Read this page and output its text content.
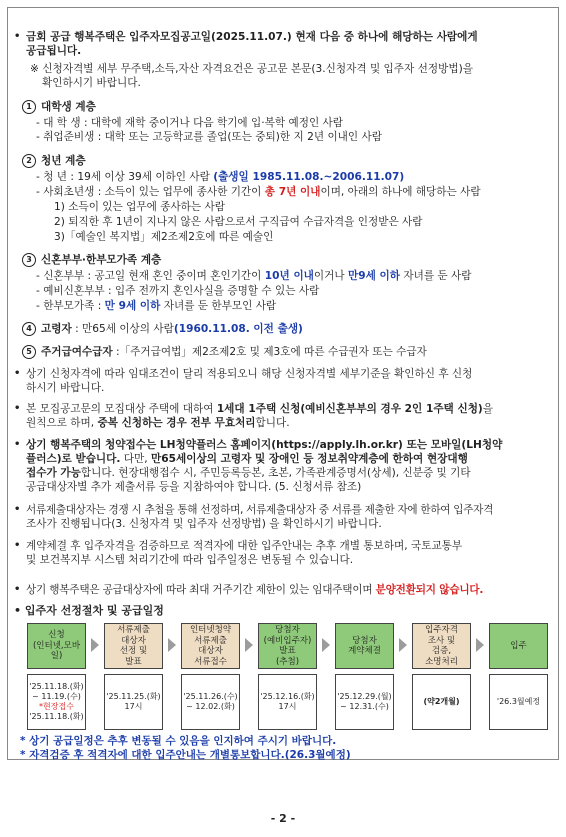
• 금회 공급 행복주택은 입주자모집공고일(2025.11.07.) 현재 다음 중 하나에 해당하는 사람에게
공급됩니다.
※ 신청자격별 세부 무주택,소득,자산 자격요건은 공고문 본문(3.신청자격 및 입주자 선정방법)을
확인하시기 바랍니다.
1 대학생 계층
- 대 학 생 : 대학에 재학 중이거나 다음 학기에 입·복학 예정인 사람
- 취업준비생 : 대학 또는 고등학교를 졸업(또는 중퇴)한 지 2년 이내인 사람
2 청년 계층
- 청 년 : 19세 이상 39세 이하인 사람 (출생일 1985.11.08.~2006.11.07)
- 사회초년생 : 소득이 있는 업무에 종사한 기간이 총 7년 이내이며, 아래의 하나에 해당하는 사람
1) 소득이 있는 업무에 종사하는 사람
2) 퇴직한 후 1년이 지나지 않은 사람으로서 구직급여 수급자격을 인정받은 사람
3)「예술인 복지법」제2조제2호에 따른 예술인
3 신혼부부·한부모가족 계층
- 신혼부부 : 공고일 현재 혼인 중이며 혼인기간이 10년 이내이거나 만9세 이하 자녀를 둔 사람
- 예비신혼부부 : 입주 전까지 혼인사실을 증명할 수 있는 사람
- 한부모가족 : 만 9세 이하 자녀를 둔 한부모인 사람
4 고령자 : 만65세 이상의 사람(1960.11.08. 이전 출생)
5 주거급여수급자 :「주거급여법」제2조제2호 및 제3호에 따른 수급권자 또는 수급자
• 상기 신청자격에 따라 임대조건이 달리 적용되오니 해당 신청자격별 세부기준을 확인하신 후 신청
하시기 바랍니다.
• 본 모집공고문의 모집대상 주택에 대하여 1세대 1주택 신청(예비신혼부부의 경우 2인 1주택 신청)을
원칙으로 하며, 중복 신청하는 경우 전부 무효처리합니다.
• 상기 행복주택의 청약접수는 LH청약플러스 홈페이지(https://apply.lh.or.kr) 또는 모바일(LH청약
플러스)로 받습니다. 다만, 만65세이상의 고령자 및 장애인 등 정보취약계층에 한하여 현장대행
접수가 가능합니다. 현장대행접수 시, 주민등록등본, 초본, 가족관계증명서(상세), 신분증 및 기타
공급대상자별 추가 제출서류 등을 지참하여야 합니다. (5. 신청서류 참조)
• 서류제출대상자는 경쟁 시 추첨을 통해 선정하며, 서류제출대상자 중 서류를 제출한 자에 한하여 입주자격
조사가 진행됩니다(3. 신청자격 및 입주자 선정방법) 을 확인하시기 바랍니다.
• 계약체결 후 입주자격을 검증하므로 적격자에 대한 입주안내는 추후 개별 통보하며, 국토교통부
및 보건복지부 시스템 처리기간에 따라 입주일정은 변동될 수 있습니다.
• 상기 행복주택은 공급대상자에 따라 최대 거주기간 제한이 있는 임대주택이며 분양전환되지 않습니다.
• 입주자 선정절차 및 공급일정
신청
(인터넷,모바일)
서류제출
대상자
선정 및
발표
인터넷청약
서류제출
대상자
서류접수
당첨자
(예비입주자)
발표
(추첨)
당첨자
계약체결
입주자격
조사 및
검증,
소명처리
입주
'25.11.18.(화)
~ 11.19.(수)
*현장접수
'25.11.18.(화)
'25.11.25.(화)
17시
'25.11.26.(수)
~ 12.02.(화)
'25.12.16.(화)
17시
'25.12.29.(월)
~ 12.31.(수)
(약2개월)	'26.3월예정
* 상기 공급일정은 추후 변동될 수 있음을 인지하여 주시기 바랍니다.
* 자격검증 후 적격자에 대한 입주안내는 개별통보합니다.(26.3월예정)
- 2 -
